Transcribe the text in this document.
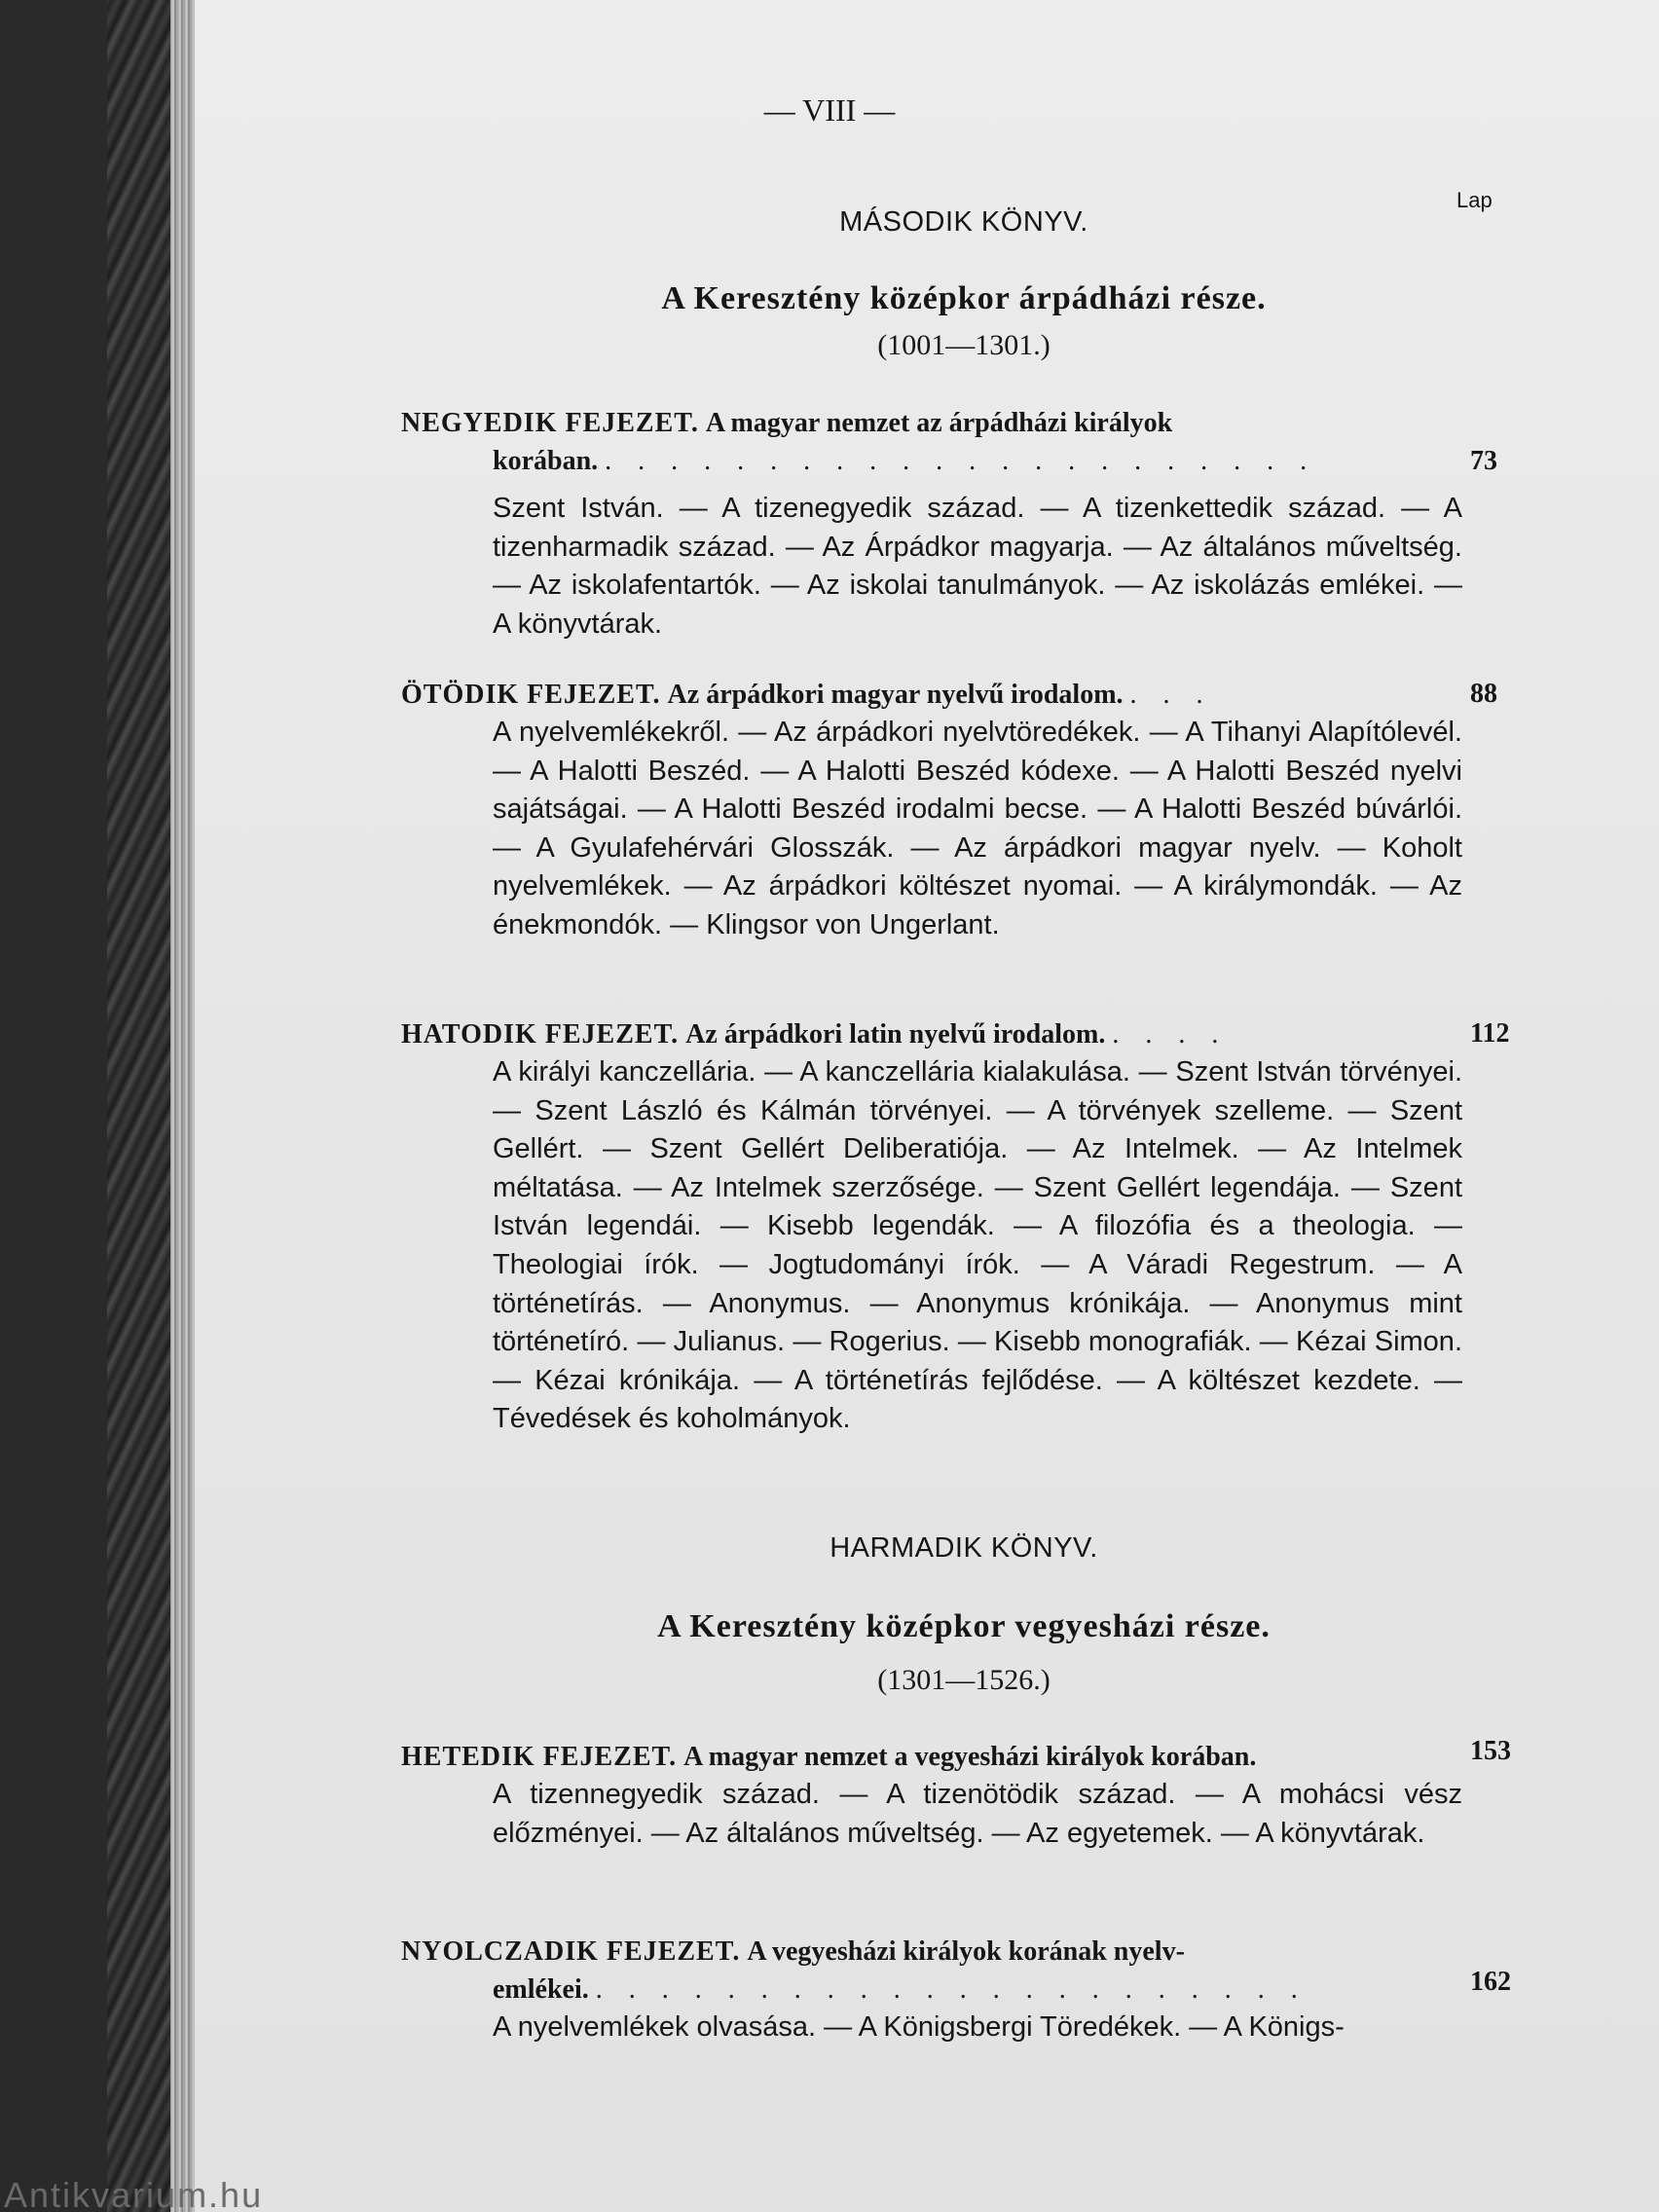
— VIII —
Lap
MÁSODIK KÖNYV.
A Keresztény középkor árpádházi része.
(1001—1301.)
NEGYEDIK FEJEZET. A magyar nemzet az árpádházi királyok
korában. . . . . . . . . . . . . . . . . . . . . . .
Szent István. — A tizenegyedik század. — A tizenkettedik század. — A tizenharmadik század. — Az Árpádkor magyarja. — Az általános műveltség. — Az iskolafentartók. — Az iskolai tanulmányok. — Az iskolázás emlékei. — A könyvtárak.
73
ÖTÖDIK FEJEZET. Az árpádkori magyar nyelvű irodalom. . . .
A nyelvemlékekről. — Az árpádkori nyelvtöredékek. — A Tihanyi Alapítólevél. — A Halotti Beszéd. — A Halotti Beszéd kódexe. — A Halotti Beszéd nyelvi sajátságai. — A Halotti Beszéd irodalmi becse. — A Halotti Beszéd búvárlói. — A Gyulafehérvári Glosszák. — Az árpádkori magyar nyelv. — Koholt nyelvemlékek. — Az árpádkori költészet nyomai. — A királymondák. — Az énekmondók. — Klingsor von Ungerlant.
88
HATODIK FEJEZET. Az árpádkori latin nyelvű irodalom. . . . .
A királyi kanczellária. — A kanczellária kialakulása. — Szent István törvényei. — Szent László és Kálmán törvényei. — A törvények szelleme. — Szent Gellért. — Szent Gellért Deliberatiója. — Az Intelmek. — Az Intelmek méltatása. — Az Intelmek szerzősége. — Szent Gellért legendája. — Szent István legendái. — Kisebb legendák. — A filozófia és a theologia. — Theologiai írók. — Jogtudományi írók. — A Váradi Regestrum. — A történetírás. — Anonymus. — Anonymus krónikája. — Anonymus mint történetíró. — Julianus. — Rogerius. — Kisebb monografiák. — Kézai Simon. — Kézai krónikája. — A történetírás fejlődése. — A költészet kezdete. — Tévedések és koholmányok.
112
HARMADIK KÖNYV.
A Keresztény középkor vegyesházi része.
(1301—1526.)
HETEDIK FEJEZET. A magyar nemzet a vegyesházi királyok korában.
A tizennegyedik század. — A tizenötödik század. — A mohácsi vész előzményei. — Az általános műveltség. — Az egyetemek. — A könyvtárak.
153
NYOLCZADIK FEJEZET. A vegyesházi királyok korának nyelv-
emlékei. . . . . . . . . . . . . . . . . . . . . . .
A nyelvemlékek olvasása. — A Königsbergi Töredékek. — A Königs-
162
Antikvarium.hu
